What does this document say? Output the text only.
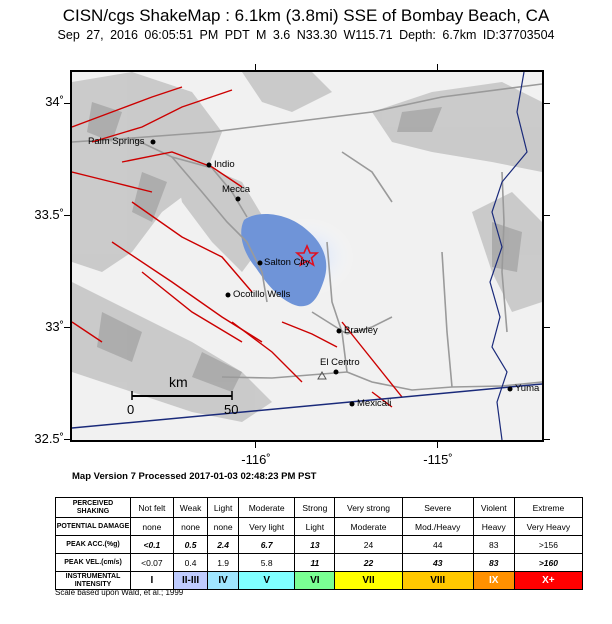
CISN/cgs ShakeMap : 6.1km (3.8mi) SSE of Bombay Beach, CA
Sep 27, 2016 06:05:51 PM PDT M 3.6 N33.30 W115.71 Depth: 6.7km ID:37703504
34˚
33.5˚
33˚
32.5˚
-116˚	-115˚
Palm Springs
Indio
Mecca
Salton City
Ocotillo Wells
Brawley
El Centro
Mexicali
Yuma
km
0	50
Map Version 7 Processed 2017-01-03 02:48:23 PM PST
PERCEIVED SHAKING	Not felt	Weak	Light	Moderate	Strong	Very strong	Severe	Violent	Extreme
POTENTIAL DAMAGE	none	none	none	Very light	Light	Moderate	Mod./Heavy	Heavy	Very Heavy
PEAK ACC.(%g)	<0.1	0.5	2.4	6.7	13	24	44	83	>156
PEAK VEL.(cm/s)	<0.07	0.4	1.9	5.8	11	22	43	83	>160
INSTRUMENTAL INTENSITY	I	II-III	IV	V	VI	VII	VIII	IX	X+
Scale based upon Wald, et al.; 1999
